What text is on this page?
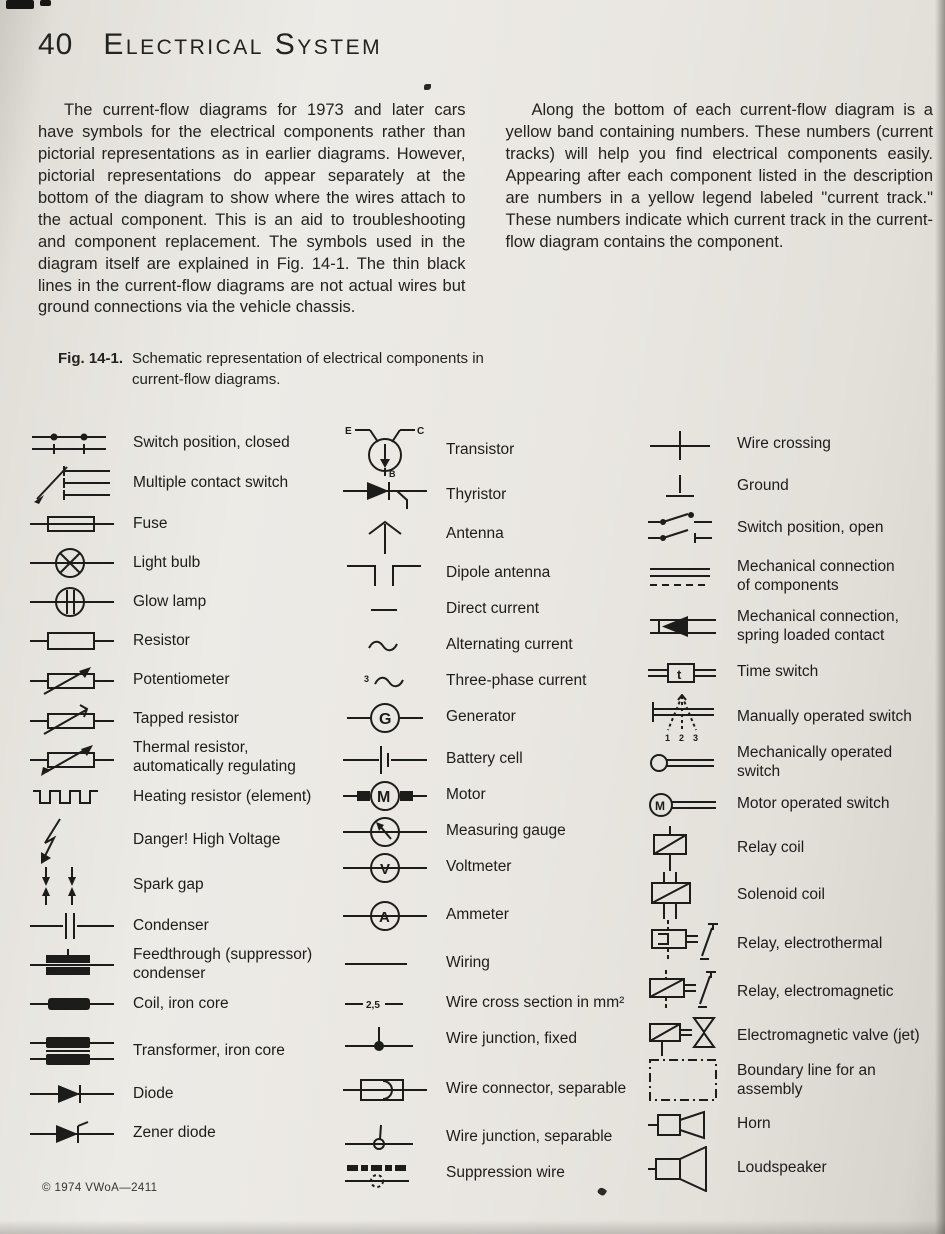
40 Electrical System

The current-flow diagrams for 1973 and later cars have symbols for the electrical components rather than pictorial representations as in earlier diagrams. However, pictorial representations do appear separately at the bottom of the diagram to show where the wires attach to the actual component. This is an aid to troubleshooting and component replacement. The symbols used in the diagram itself are explained in Fig. 14-1. The thin black lines in the current-flow diagrams are not actual wires but ground connections via the vehicle chassis.

Along the bottom of each current-flow diagram is a yellow band containing numbers. These numbers (current tracks) will help you find electrical components easily. Appearing after each component listed in the description are numbers in a yellow legend labeled "current track." These numbers indicate which current track in the current-flow diagram contains the component.

Fig. 14-1. Schematic representation of electrical components in current-flow diagrams.
Switch position, closed
Multiple contact switch
Fuse
Light bulb
Glow lamp
Resistor
Potentiometer
Tapped resistor
Thermal resistor,
automatically regulating
Heating resistor (element)
Danger! High Voltage
Spark gap
Condenser
Feedthrough (suppressor)
condenser
Coil, iron core
Transformer, iron core
Diode
Zener diode
E	C
B
Transistor
Thyristor
Antenna
Dipole antenna
Direct current
Alternating current
3	Three-phase current
G	Generator
Battery cell
M	Motor
Measuring gauge
V	Voltmeter
A	Ammeter
Wiring
2,5	Wire cross section in mm²
Wire junction, fixed
Wire connector, separable
Wire junction, separable
Suppression wire
Wire crossing
Ground
Switch position, open
Mechanical connection
of components
Mechanical connection,
spring loaded contact
t	Time switch
1 2 3
Manually operated switch
Mechanically operated switch
M	Motor operated switch
Relay coil
Solenoid coil
Relay, electrothermal
Relay, electromagnetic
Electromagnetic valve (jet)
Boundary line for an assembly
Horn
Loudspeaker
© 1974 VWoA—2411
